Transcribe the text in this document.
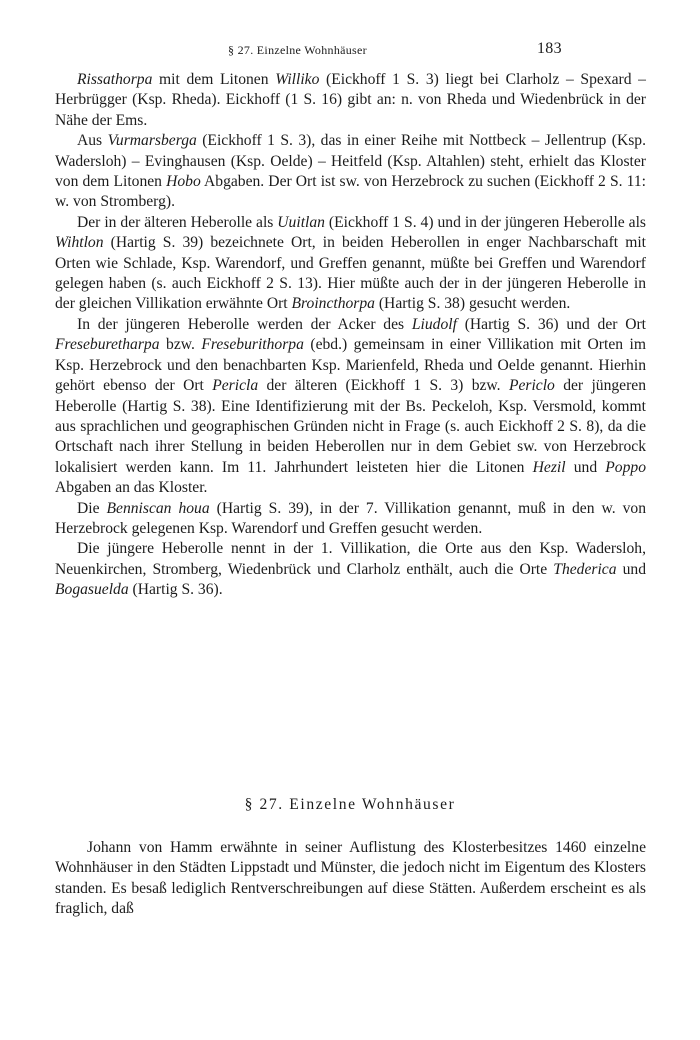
§ 27. Einzelne Wohnhäuser	183

Rissathorpa mit dem Litonen Williko (Eickhoff 1 S. 3) liegt bei Clarholz – Spexard – Herbrügger (Ksp. Rheda). Eickhoff (1 S. 16) gibt an: n. von Rheda und Wiedenbrück in der Nähe der Ems.

Aus Vurmarsberga (Eickhoff 1 S. 3), das in einer Reihe mit Nottbeck – Jellentrup (Ksp. Wadersloh) – Evinghausen (Ksp. Oelde) – Heitfeld (Ksp. Altahlen) steht, erhielt das Kloster von dem Litonen Hobo Abgaben. Der Ort ist sw. von Herzebrock zu suchen (Eickhoff 2 S. 11: w. von Stromberg).

Der in der älteren Heberolle als Uuitlan (Eickhoff 1 S. 4) und in der jüngeren Heberolle als Wihtlon (Hartig S. 39) bezeichnete Ort, in beiden Heberollen in enger Nachbarschaft mit Orten wie Schlade, Ksp. Warendorf, und Greffen genannt, müßte bei Greffen und Warendorf gelegen haben (s. auch Eickhoff 2 S. 13). Hier müßte auch der in der jüngeren Heberolle in der gleichen Villikation erwähnte Ort Broincthorpa (Hartig S. 38) gesucht werden.

In der jüngeren Heberolle werden der Acker des Liudolf (Hartig S. 36) und der Ort Freseburetharpa bzw. Freseburithorpa (ebd.) gemeinsam in einer Villikation mit Orten im Ksp. Herzebrock und den benachbarten Ksp. Marienfeld, Rheda und Oelde genannt. Hierhin gehört ebenso der Ort Pericla der älteren (Eickhoff 1 S. 3) bzw. Periclo der jüngeren Heberolle (Hartig S. 38). Eine Identifizierung mit der Bs. Peckeloh, Ksp. Versmold, kommt aus sprachlichen und geographischen Gründen nicht in Frage (s. auch Eickhoff 2 S. 8), da die Ortschaft nach ihrer Stellung in beiden Heberollen nur in dem Gebiet sw. von Herzebrock lokalisiert werden kann. Im 11. Jahrhundert leisteten hier die Litonen Hezil und Poppo Abgaben an das Kloster.

Die Benniscan houa (Hartig S. 39), in der 7. Villikation genannt, muß in den w. von Herzebrock gelegenen Ksp. Warendorf und Greffen gesucht werden.

Die jüngere Heberolle nennt in der 1. Villikation, die Orte aus den Ksp. Wadersloh, Neuenkirchen, Stromberg, Wiedenbrück und Clarholz enthält, auch die Orte Thederica und Bogasuelda (Hartig S. 36).

§ 27. Einzelne Wohnhäuser

Johann von Hamm erwähnte in seiner Auflistung des Klosterbesitzes 1460 einzelne Wohnhäuser in den Städten Lippstadt und Münster, die jedoch nicht im Eigentum des Klosters standen. Es besaß lediglich Rentverschreibungen auf diese Stätten. Außerdem erscheint es als fraglich, daß
